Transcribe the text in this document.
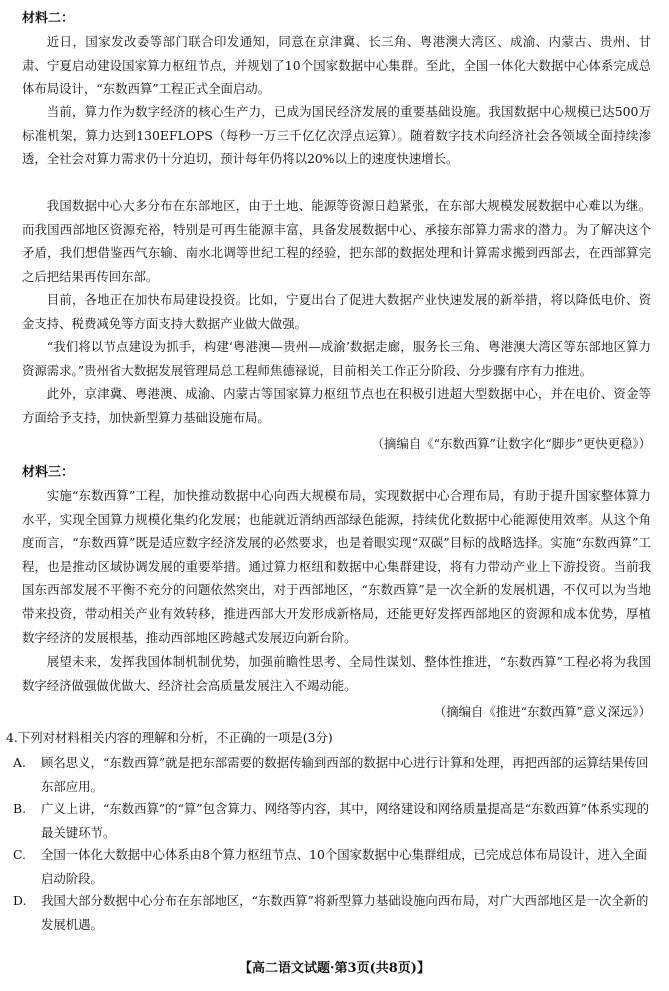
材料二：
近日，国家发改委等部门联合印发通知，同意在京津冀、长三角、粤港澳大湾区、成渝、内蒙古、贵州、甘肃、宁夏启动建设国家算力枢纽节点，并规划了10个国家数据中心集群。至此，全国一体化大数据中心体系完成总体布局设计，“东数西算”工程正式全面启动。
当前，算力作为数字经济的核心生产力，已成为国民经济发展的重要基础设施。我国数据中心规模已达500万标准机架，算力达到130EFLOPS（每秒一万三千亿亿次浮点运算）。随着数字技术向经济社会各领域全面持续渗透，全社会对算力需求仍十分迫切，预计每年仍将以20%以上的速度快速增长。
我国数据中心大多分布在东部地区，由于土地、能源等资源日趋紧张，在东部大规模发展数据中心难以为继。而我国西部地区资源充裕，特别是可再生能源丰富，具备发展数据中心、承接东部算力需求的潜力。为了解决这个矛盾，我们想借鉴西气东输、南水北调等世纪工程的经验，把东部的数据处理和计算需求搬到西部去，在西部算完之后把结果再传回东部。
目前，各地正在加快布局建设投资。比如，宁夏出台了促进大数据产业快速发展的新举措，将以降低电价、资金支持、税费减免等方面支持大数据产业做大做强。
“我们将以节点建设为抓手，构建‘粤港澳—贵州—成渝’数据走廊，服务长三角、粤港澳大湾区等东部地区算力资源需求。”贵州省大数据发展管理局总工程师焦德禄说，目前相关工作正分阶段、分步骤有序有力推进。
此外，京津冀、粤港澳、成渝、内蒙古等国家算力枢纽节点也在积极引进超大型数据中心，并在电价、资金等方面给予支持，加快新型算力基础设施布局。
（摘编自《“东数西算”让数字化“脚步”更快更稳》）
材料三：
实施“东数西算”工程，加快推动数据中心向西大规模布局，实现数据中心合理布局，有助于提升国家整体算力水平，实现全国算力规模化集约化发展；也能就近消纳西部绿色能源，持续优化数据中心能源使用效率。从这个角度而言，“东数西算”既是适应数字经济发展的必然要求，也是着眼实现“双碳”目标的战略选择。实施“东数西算”工程，也是推动区域协调发展的重要举措。通过算力枢纽和数据中心集群建设，将有力带动产业上下游投资。当前我国东西部发展不平衡不充分的问题依然突出，对于西部地区，“东数西算”是一次全新的发展机遇，不仅可以为当地带来投资，带动相关产业有效转移，推进西部大开发形成新格局，还能更好发挥西部地区的资源和成本优势，厚植数字经济的发展根基，推动西部地区跨越式发展迈向新台阶。
展望未来，发挥我国体制机制优势，加强前瞻性思考、全局性谋划、整体性推进，“东数西算”工程必将为我国数字经济做强做优做大、经济社会高质量发展注入不竭动能。
（摘编自《推进“东数西算”意义深远》）
4.下列对材料相关内容的理解和分析，不正确的一项是(3分)
A. 顾名思义，“东数西算”就是把东部需要的数据传输到西部的数据中心进行计算和处理，再把西部的运算结果传回东部应用。
B. 广义上讲，“东数西算”的“算”包含算力、网络等内容，其中，网络建设和网络质量提高是“东数西算”体系实现的最关键环节。
C. 全国一体化大数据中心体系由8个算力枢纽节点、10个国家数据中心集群组成，已完成总体布局设计，进入全面启动阶段。
D. 我国大部分数据中心分布在东部地区，“东数西算”将新型算力基础设施向西布局，对广大西部地区是一次全新的发展机遇。
【高二语文试题·第3页(共8页)】
